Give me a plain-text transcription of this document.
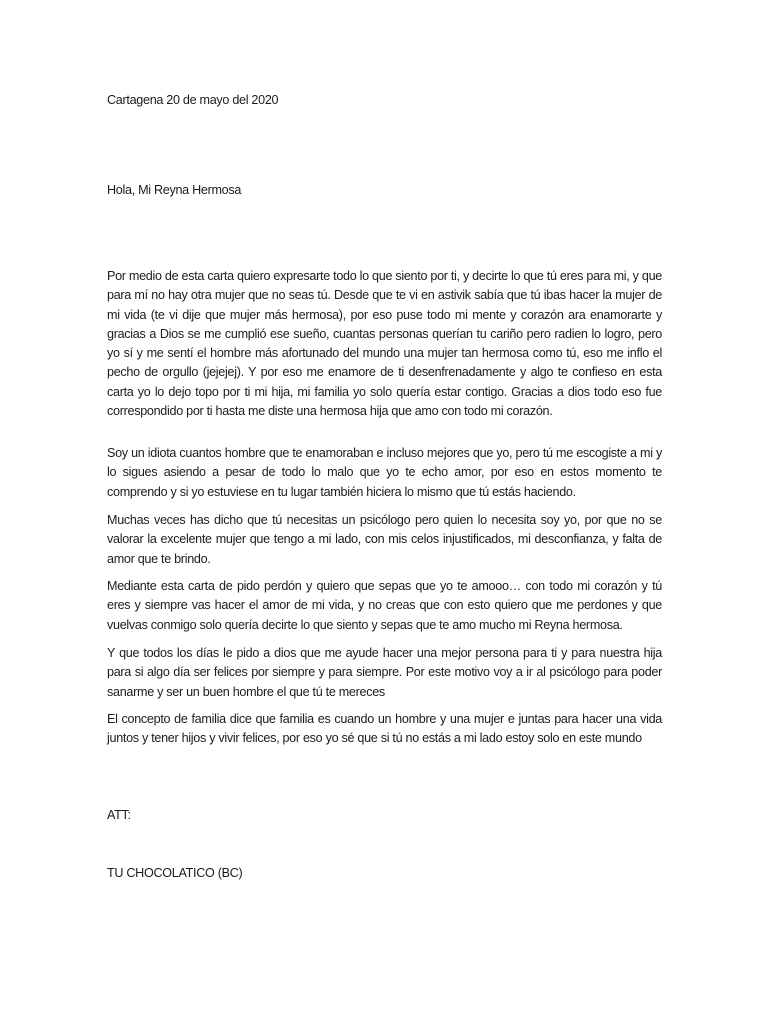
Cartagena 20 de mayo del 2020
Hola, Mi Reyna Hermosa

Por medio de esta carta quiero expresarte todo lo que siento por ti, y decirte lo que tú eres para mi, y que para mí no hay otra mujer que no seas tú. Desde que te vi en astivik sabía que tú ibas hacer la mujer de mi vida (te vi dije que mujer más hermosa), por eso puse todo mi mente y corazón ara enamorarte y gracias a Dios se me cumplió ese sueño, cuantas personas querían tu cariño pero radien lo logro, pero yo sí y me sentí el hombre más afortunado del mundo una mujer tan hermosa como tú, eso me inflo el pecho de orgullo (jejejej). Y por eso me enamore de ti desenfrenadamente y algo te confieso en esta carta yo lo dejo topo por ti mi hija, mi familia yo solo quería estar contigo. Gracias a dios todo eso fue correspondido por ti hasta me diste una hermosa hija que amo con todo mi corazón.

Soy un idiota cuantos hombre que te enamoraban e incluso mejores que yo, pero tú me escogiste a mi y lo sigues asiendo a pesar de todo lo malo que yo te echo amor, por eso en estos momento te comprendo y si yo estuviese en tu lugar también hiciera lo mismo que tú estás haciendo.

Muchas veces has dicho que tú necesitas un psicólogo pero quien lo necesita soy yo, por que no se valorar la excelente mujer que tengo a mi lado, con mis celos injustificados, mi desconfianza, y falta de amor que te brindo.

Mediante esta carta de pido perdón y quiero que sepas que yo te amooo… con todo mi corazón y tú eres y siempre vas hacer el amor de mi vida, y no creas que con esto quiero que me perdones y que vuelvas conmigo solo quería decirte lo que siento y sepas que te amo mucho mi Reyna hermosa.

Y que todos los días le pido a dios que me ayude hacer una mejor persona para ti y para nuestra hija para si algo día ser felices por siempre y para siempre. Por este motivo voy a ir al psicólogo para poder sanarme y ser un buen hombre el que tú te mereces

El concepto de familia dice que familia es cuando un hombre y una mujer e juntas para hacer una vida juntos y tener hijos y vivir felices, por eso yo sé que si tú no estás a mi lado estoy solo en este mundo

ATT:
TU CHOCOLATICO (BC)
